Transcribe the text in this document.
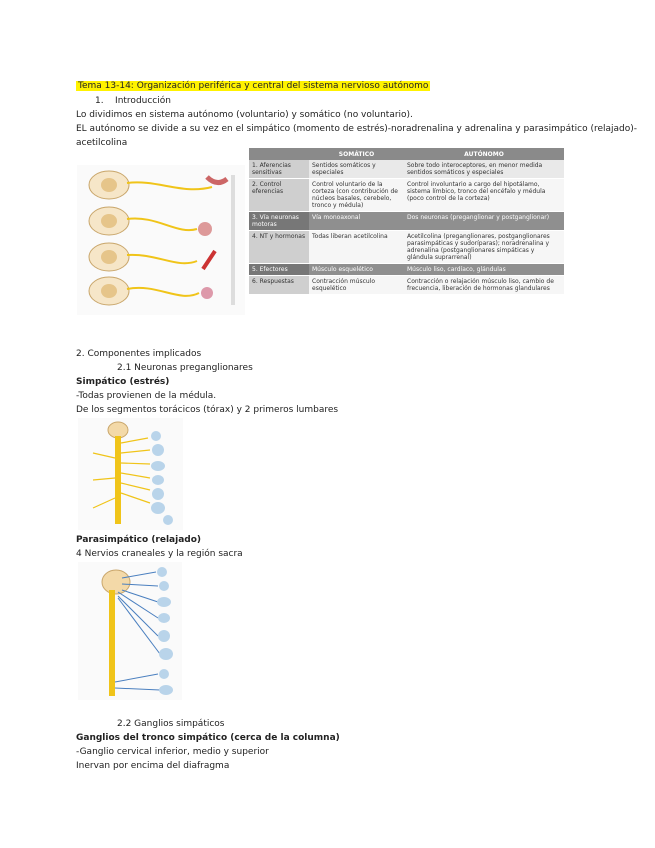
Tema 13-14: Organización periférica y central del sistema nervioso autónomo
1. Introducción
Lo dividimos en sistema autónomo (voluntario) y somático (no voluntario).
EL autónomo se divide a su vez en el simpático (momento de estrés)-noradrenalina y adrenalina y parasimpático (relajado)-
acetilcolina
	SOMÁTICO	AUTÓNOMO
1. Aferencias sensitivas	Sentidos somáticos y especiales	Sobre todo interoceptores, en menor medida sentidos somáticos y especiales
2. Control eferencias	Control voluntario de la corteza (con contribución de núcleos basales, cerebelo, tronco y médula)	Control involuntario a cargo del hipotálamo, sistema límbico, tronco del encéfalo y médula (poco control de la corteza)
3. Vía neuronas motoras	Vía monoaxonal	Dos neuronas (preganglionar y postganglionar)
4. NT y hormonas	Todas liberan acetilcolina	Acetilcolina (preganglionares, postganglionares parasimpáticas y sudoríparas); noradrenalina y adrenalina (postganglionares simpáticas y glándula suprarrenal)
5. Efectores	Músculo esquelético	Músculo liso, cardíaco, glándulas
6. Respuestas	Contracción músculo esquelético	Contracción o relajación músculo liso, cambio de frecuencia, liberación de hormonas glandulares
2. Componentes implicados
2.1 Neuronas preganglionares
Simpático (estrés)
-Todas provienen de la médula.
De los segmentos torácicos (tórax) y 2 primeros lumbares
Parasimpático (relajado)
4 Nervios craneales y la región sacra
2.2 Ganglios simpáticos
Ganglios del tronco simpático (cerca de la columna)
-Ganglio cervical inferior, medio y superior
Inervan por encima del diafragma
